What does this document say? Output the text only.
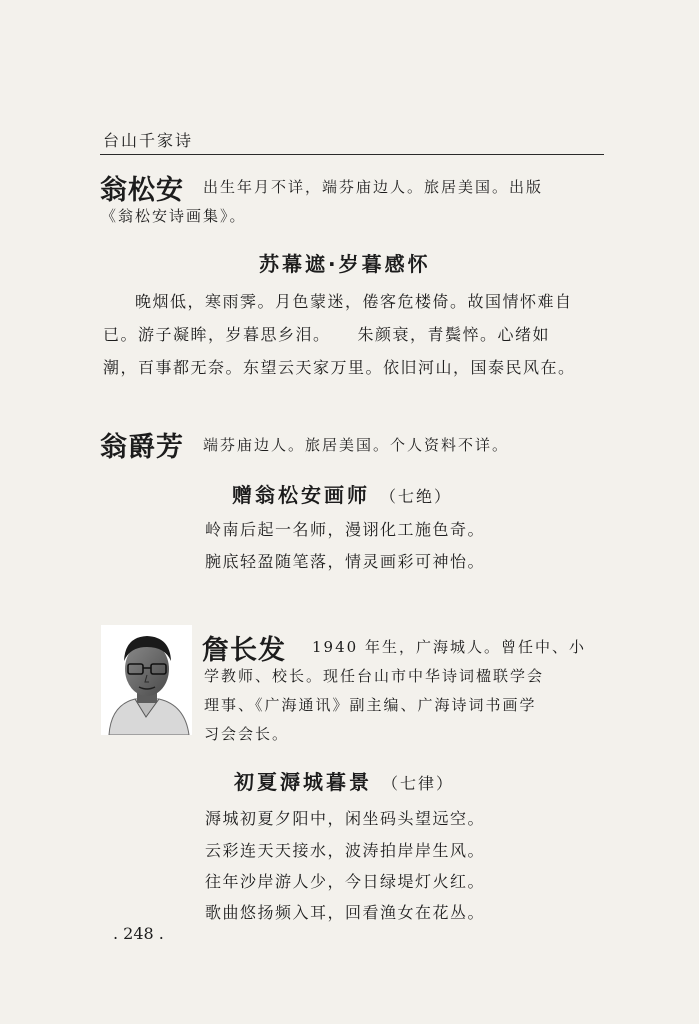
台山千家诗
翁松安 出生年月不详，端芬庙边人。旅居美国。出版
《翁松安诗画集》。
苏幕遮·岁暮感怀
晚烟低，寒雨霁。月色蒙迷，倦客危楼倚。故国情怀难自
已。游子凝眸，岁暮思乡泪。　　朱颜衰，青鬓悴。心绪如
潮，百事都无奈。东望云天家万里。依旧河山，国泰民风在。
翁爵芳 端芬庙边人。旅居美国。个人资料不详。
赠翁松安画师 （七绝）
岭南后起一名师，漫诩化工施色奇。
腕底轻盈随笔落，情灵画彩可神怡。
詹长发 1940 年生，广海城人。曾任中、小
学教师、校长。现任台山市中华诗词楹联学会
理事、《广海通讯》副主编、广海诗词书画学
习会会长。
初夏溽城暮景 （七律）
溽城初夏夕阳中，闲坐码头望远空。
云彩连天天接水，波涛拍岸岸生风。
往年沙岸游人少，今日绿堤灯火红。
歌曲悠扬频入耳，回看渔女在花丛。
. 248 .
